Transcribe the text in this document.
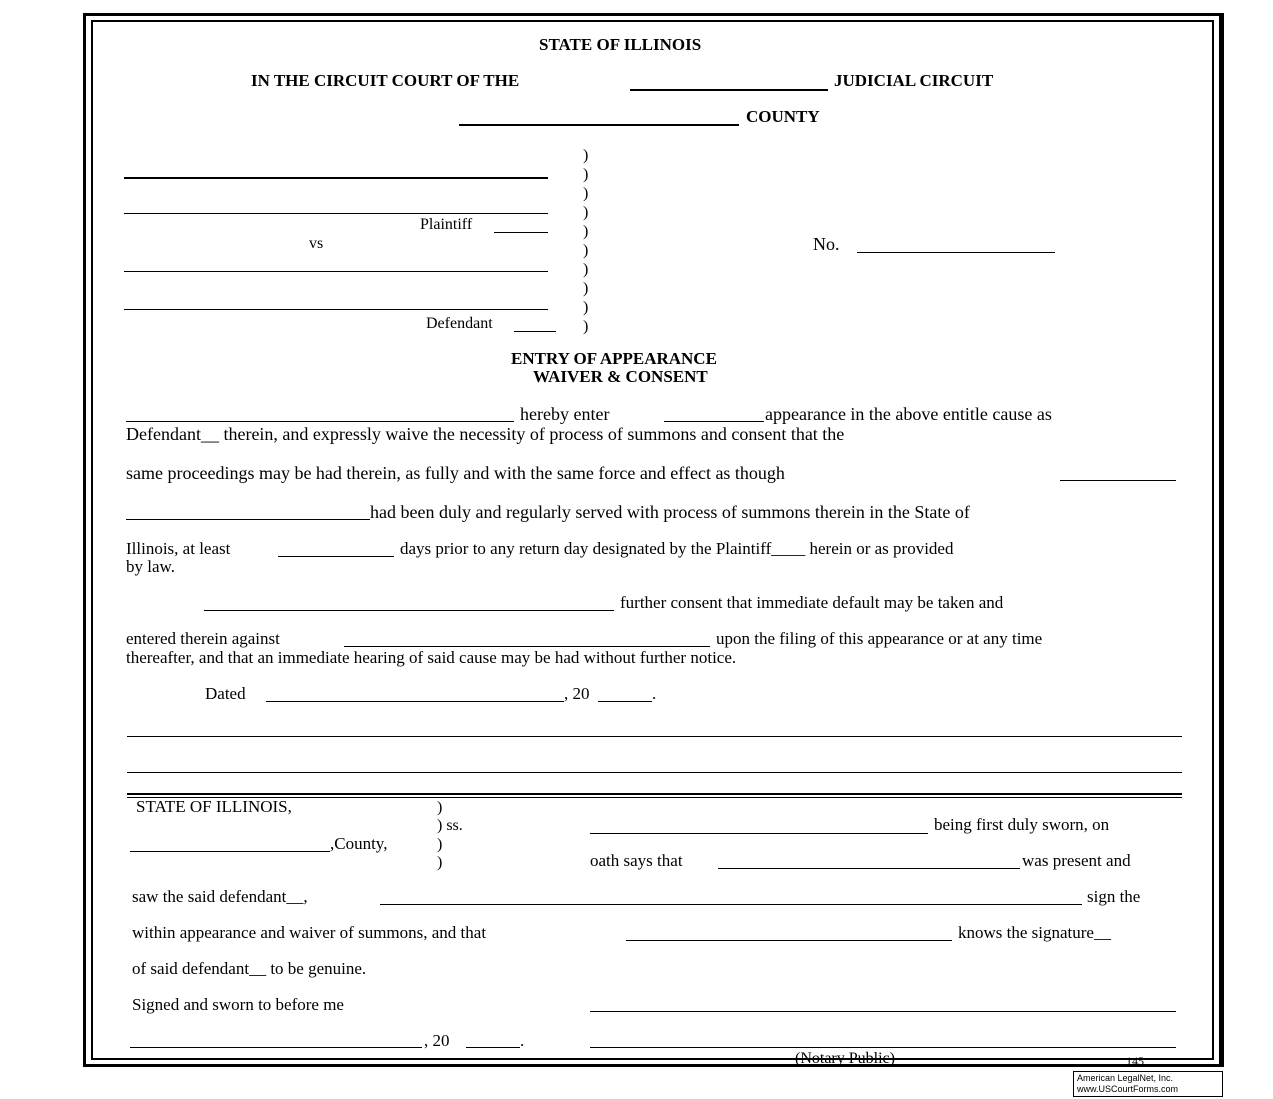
STATE OF ILLINOIS
IN THE CIRCUIT COURT OF THE	JUDICIAL CIRCUIT
COUNTY
Plaintiff
vs
Defendant
)
)
)
)
)
)
)
)
)
)
No.
ENTRY OF APPEARANCE
WAIVER & CONSENT
hereby enter	appearance in the above entitle cause as
Defendant__ therein, and expressly waive the necessity of process of summons and consent that the
same proceedings may be had therein, as fully and with the same force and effect as though
had been duly and regularly served with process of summons therein in the State of
Illinois, at least	days prior to any return day designated by the Plaintiff____ herein or as provided
by law.
further consent that immediate default may be taken and
entered therein against	upon the filing of this appearance or at any time
thereafter, and that an immediate hearing of said cause may be had without further notice.
Dated	, 20	.
STATE OF ILLINOIS,	)
) ss.
,County,	)
)
being first duly sworn, on
oath says that	was present and
saw the said defendant__,	sign the
within appearance and waiver of summons, and that	knows the signature__
of said defendant__ to be genuine.
Signed and sworn to before me
, 20	.
(Notary Public)	145
American LegalNet, Inc.
www.USCourtForms.com
